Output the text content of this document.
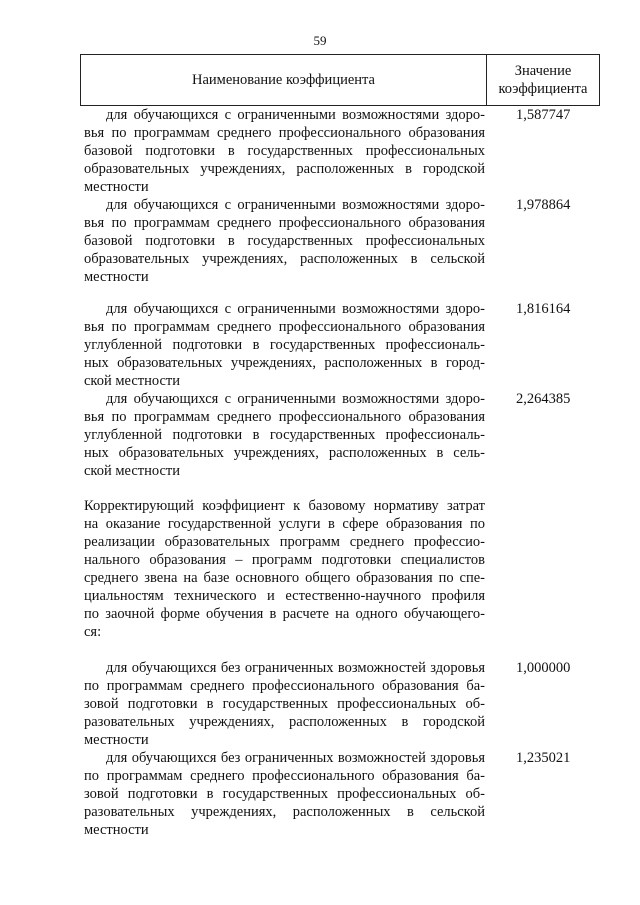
59
Наименование коэффициента
Значение
коэффициента
для обучающихся с ограниченными возможностями здоро-
вья по программам среднего профессионального образования
базовой подготовки в государственных профессиональных
образовательных учреждениях, расположенных в городской
местности
1,587747
для обучающихся с ограниченными возможностями здоро-
вья по программам среднего профессионального образования
базовой подготовки в государственных профессиональных
образовательных учреждениях, расположенных в сельской
местности
1,978864
для обучающихся с ограниченными возможностями здоро-
вья по программам среднего профессионального образования
углубленной подготовки в государственных профессиональ-
ных образовательных учреждениях, расположенных в город-
ской местности
1,816164
для обучающихся с ограниченными возможностями здоро-
вья по программам среднего профессионального образования
углубленной подготовки в государственных профессиональ-
ных образовательных учреждениях, расположенных в сель-
ской местности
2,264385
Корректирующий коэффициент к базовому нормативу затрат
на оказание государственной услуги в сфере образования по
реализации образовательных программ среднего профессио-
нального образования – программ подготовки специалистов
среднего звена на базе основного общего образования по спе-
циальностям технического и естественно-научного профиля
по заочной форме обучения в расчете на одного обучающего-
ся:
для обучающихся без ограниченных возможностей здоровья
по программам среднего профессионального образования ба-
зовой подготовки в государственных профессиональных об-
разовательных учреждениях, расположенных в городской
местности
1,000000
для обучающихся без ограниченных возможностей здоровья
по программам среднего профессионального образования ба-
зовой подготовки в государственных профессиональных об-
разовательных учреждениях, расположенных в сельской
местности
1,235021
